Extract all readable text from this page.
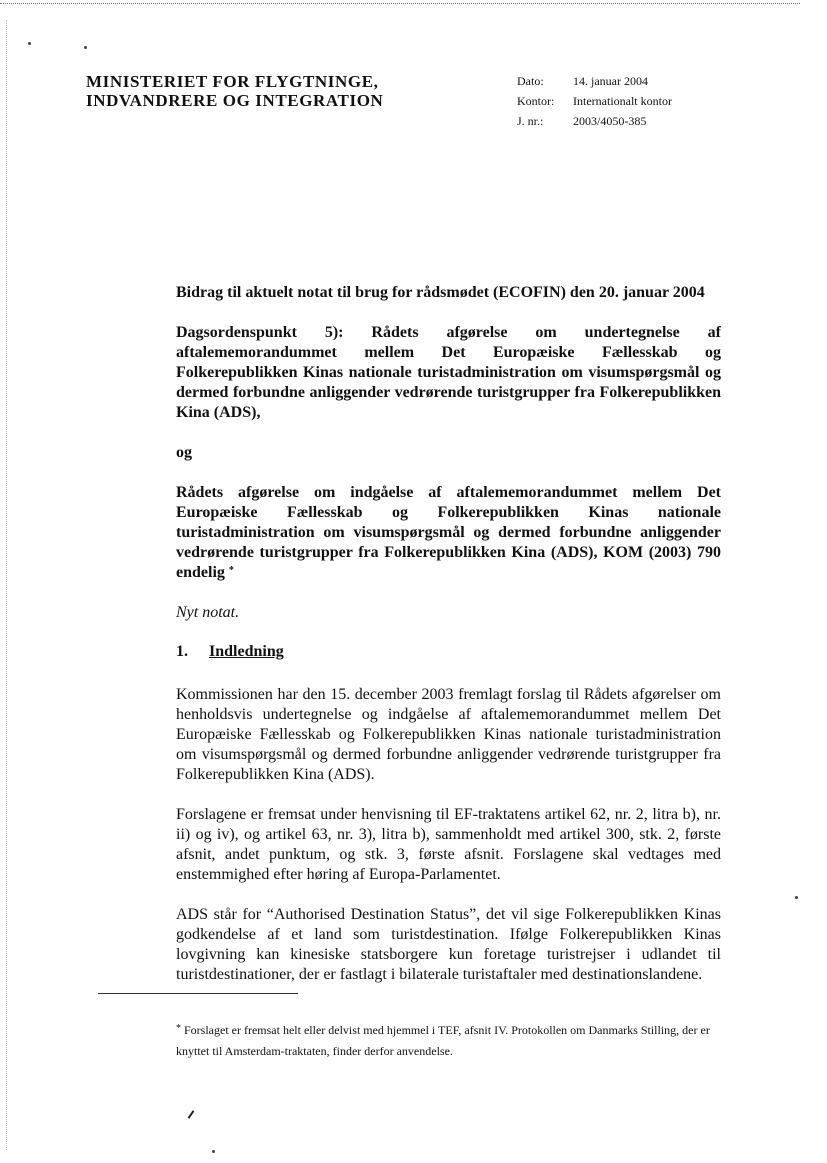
MINISTERIET FOR FLYGTNINGE,
INDVANDRERE OG INTEGRATION
Dato:	14. januar 2004
Kontor:	Internationalt kontor
J. nr.:	2003/4050-385

Bidrag til aktuelt notat til brug for rådsmødet (ECOFIN) den 20. januar 2004

Dagsordenspunkt 5): Rådets afgørelse om undertegnelse af aftalememorandummet mellem Det Europæiske Fællesskab og Folkerepublikken Kinas nationale turistadministration om visumspørgsmål og dermed forbundne anliggender vedrørende turistgrupper fra Folkerepublikken Kina (ADS),

og

Rådets afgørelse om indgåelse af aftalememorandummet mellem Det Europæiske Fællesskab og Folkerepublikken Kinas nationale turistadministration om visumspørgsmål og dermed forbundne anliggender vedrørende turistgrupper fra Folkerepublikken Kina (ADS), KOM (2003) 790 endelig *

Nyt notat.

1. Indledning

Kommissionen har den 15. december 2003 fremlagt forslag til Rådets afgørelser om henholdsvis undertegnelse og indgåelse af aftalememorandummet mellem Det Europæiske Fællesskab og Folkerepublikken Kinas nationale turistadministration om visumspørgsmål og dermed forbundne anliggender vedrørende turistgrupper fra Folkerepublikken Kina (ADS).

Forslagene er fremsat under henvisning til EF-traktatens artikel 62, nr. 2, litra b), nr. ii) og iv), og artikel 63, nr. 3), litra b), sammenholdt med artikel 300, stk. 2, første afsnit, andet punktum, og stk. 3, første afsnit. Forslagene skal vedtages med enstemmighed efter høring af Europa-Parlamentet.

ADS står for “Authorised Destination Status”, det vil sige Folkerepublikken Kinas godkendelse af et land som turistdestination. Ifølge Folkerepublikken Kinas lovgivning kan kinesiske statsborgere kun foretage turistrejser i udlandet til turistdestinationer, der er fastlagt i bilaterale turistaftaler med destinationslandene.

* Forslaget er fremsat helt eller delvist med hjemmel i TEF, afsnit IV. Protokollen om Danmarks Stilling, der er knyttet til Amsterdam-traktaten, finder derfor anvendelse.
